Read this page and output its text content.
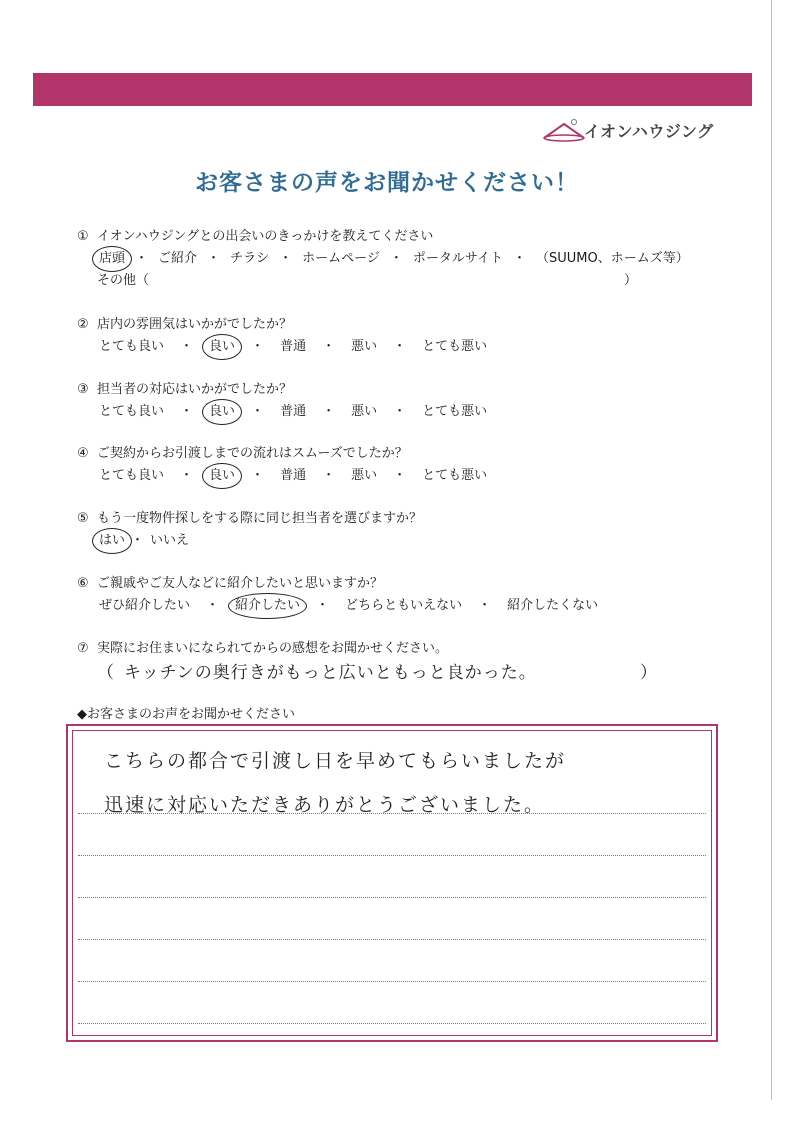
イオンハウジング
お客さまの声をお聞かせください！
① イオンハウジングとの出会いのきっかけを教えてください
店頭 ・ ご紹介 ・ チラシ ・ ホームページ ・ ポータルサイト ・ （SUUMO、ホームズ等）
その他（	）
② 店内の雰囲気はいかがでしたか？
とても良い ・ 良い ・ 普通 ・ 悪い ・ とても悪い
③ 担当者の対応はいかがでしたか？
とても良い ・ 良い ・ 普通 ・ 悪い ・ とても悪い
④ ご契約からお引渡しまでの流れはスムーズでしたか？
とても良い ・ 良い ・ 普通 ・ 悪い ・ とても悪い
⑤ もう一度物件探しをする際に同じ担当者を選びますか？
はい ・ いいえ
⑥ ご親戚やご友人などに紹介したいと思いますか？
ぜひ紹介したい ・ 紹介したい ・ どちらともいえない ・ 紹介したくない
⑦ 実際にお住まいになられてからの感想をお聞かせください。
（ キッチンの奥行きがもっと広いともっと良かった。	）
◆お客さまのお声をお聞かせください
こちらの都合で引渡し日を早めてもらいましたが
迅速に対応いただきありがとうございました。
